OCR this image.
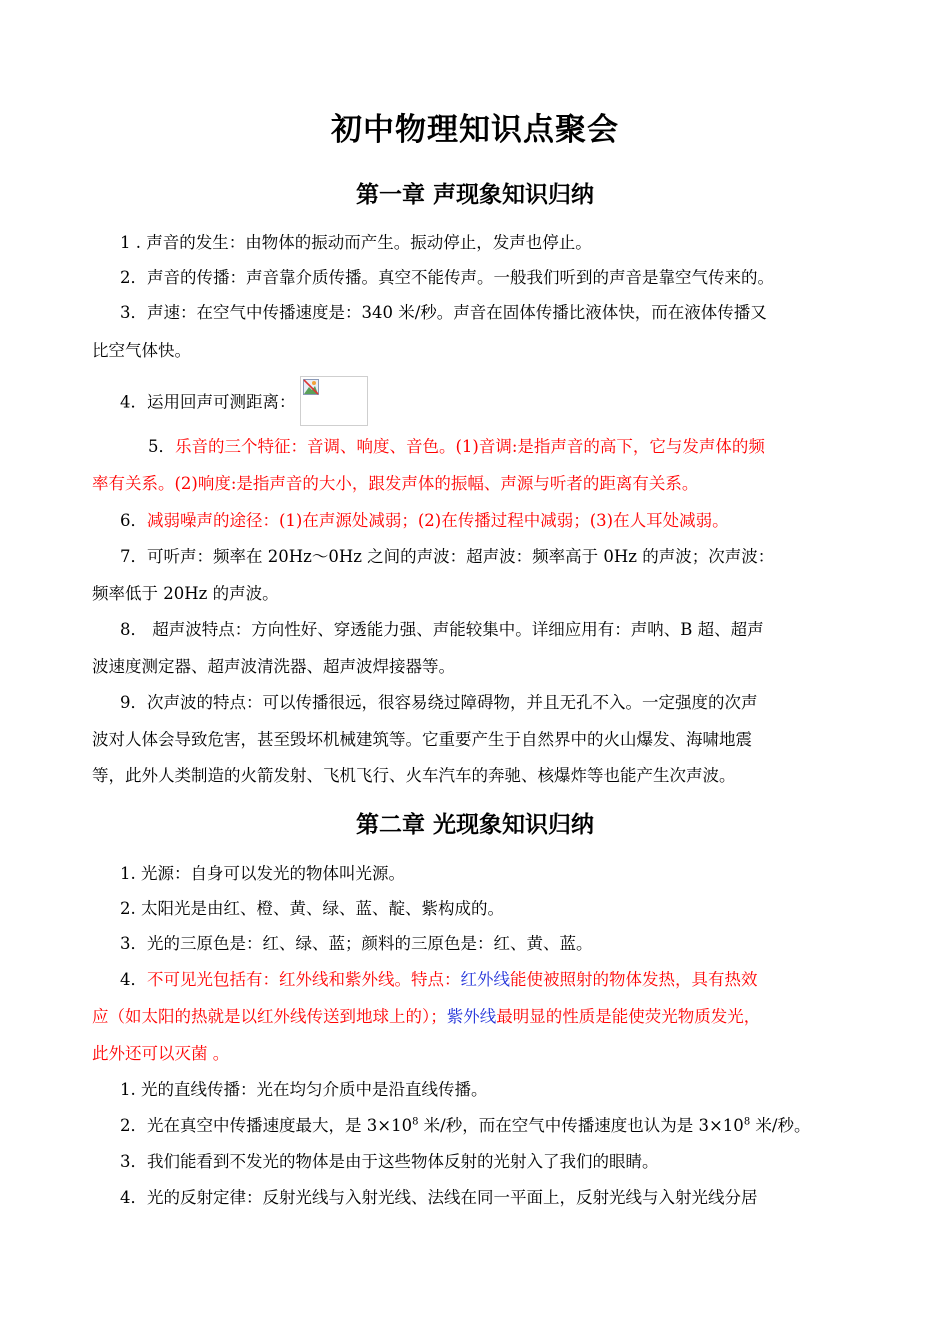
初中物理知识点聚会
第一章 声现象知识归纳
1 . 声音的发生：由物体的振动而产生。振动停止，发声也停止。
2．声音的传播：声音靠介质传播。真空不能传声。一般我们听到的声音是靠空气传来的。
3．声速：在空气中传播速度是：340 米/秒。声音在固体传播比液体快，而在液体传播又
比空气体快。
4．运用回声可测距离：
5．乐音的三个特征：音调、响度、音色。(1)音调:是指声音的高下，它与发声体的频
率有关系。(2)响度:是指声音的大小，跟发声体的振幅、声源与听者的距离有关系。
6．减弱噪声的途径：(1)在声源处减弱；(2)在传播过程中减弱；(3)在人耳处减弱。
7．可听声：频率在 20Hz～0Hz 之间的声波：超声波：频率高于 0Hz 的声波；次声波：
频率低于 20Hz 的声波。
8． 超声波特点：方向性好、穿透能力强、声能较集中。详细应用有：声呐、B 超、超声
波速度测定器、超声波清洗器、超声波焊接器等。
9．次声波的特点：可以传播很远，很容易绕过障碍物，并且无孔不入。一定强度的次声
波对人体会导致危害，甚至毁坏机械建筑等。它重要产生于自然界中的火山爆发、海啸地震
等，此外人类制造的火箭发射、飞机飞行、火车汽车的奔驰、核爆炸等也能产生次声波。
第二章 光现象知识归纳
1. 光源：自身可以发光的物体叫光源。
2. 太阳光是由红、橙、黄、绿、蓝、靛、紫构成的。
3．光的三原色是：红、绿、蓝；颜料的三原色是：红、黄、蓝。
4．不可见光包括有：红外线和紫外线。特点：红外线能使被照射的物体发热，具有热效
应（如太阳的热就是以红外线传送到地球上的）；紫外线最明显的性质是能使荧光物质发光，
此外还可以灭菌 。
1. 光的直线传播：光在均匀介质中是沿直线传播。
2．光在真空中传播速度最大，是 $3\times 10^8$ 米/秒，而在空气中传播速度也认为是 $3\times 10^8$ 米/秒。
3．我们能看到不发光的物体是由于这些物体反射的光射入了我们的眼睛。
4．光的反射定律：反射光线与入射光线、法线在同一平面上，反射光线与入射光线分居
